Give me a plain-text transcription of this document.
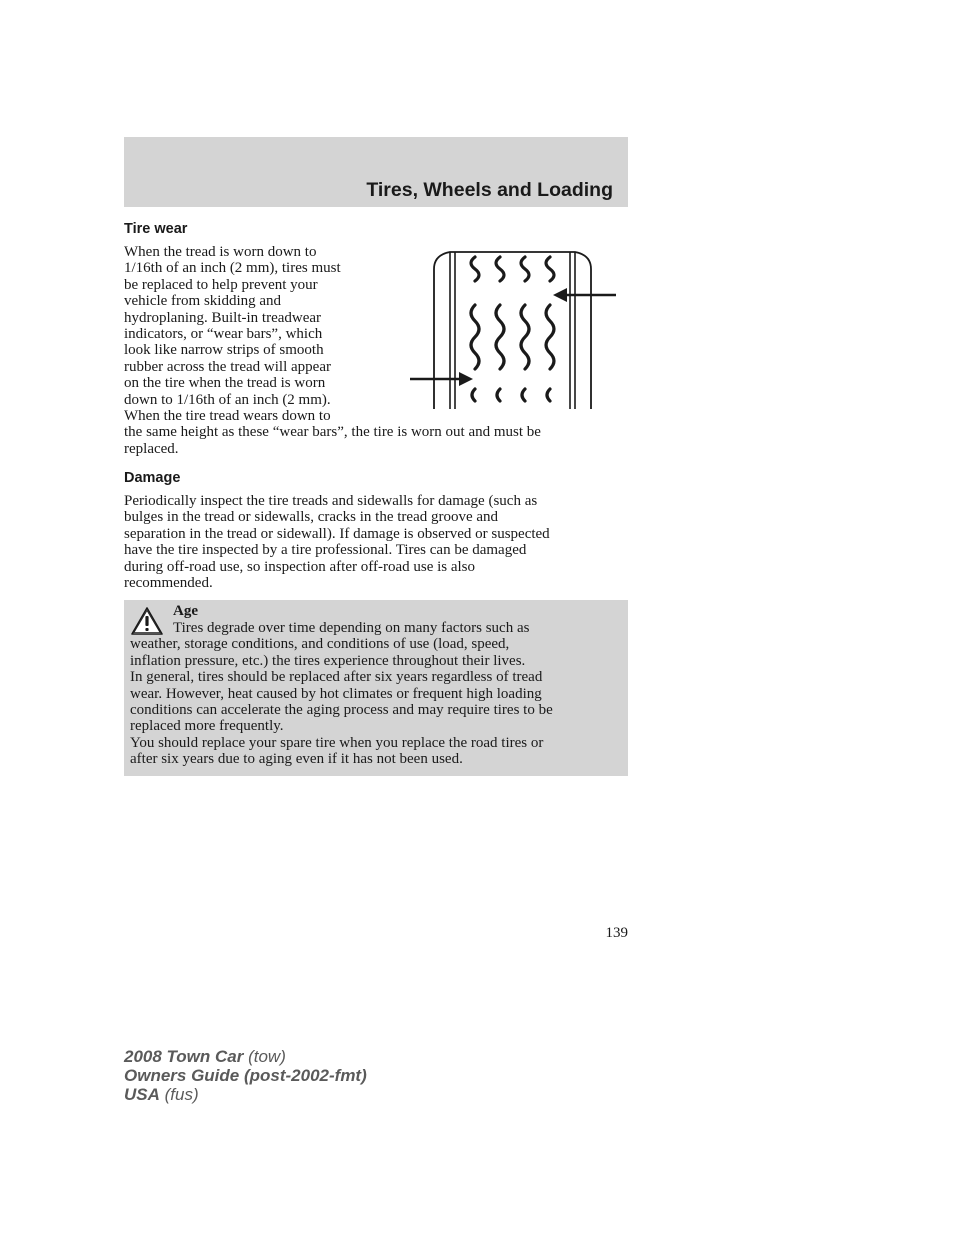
Tires, Wheels and Loading
Tire wear

When the tread is worn down to
1/16th of an inch (2 mm), tires must
be replaced to help prevent your
vehicle from skidding and
hydroplaning. Built-in treadwear
indicators, or “wear bars”, which
look like narrow strips of smooth
rubber across the tread will appear
on the tire when the tread is worn
down to 1/16th of an inch (2 mm).
When the tire tread wears down to
the same height as these “wear bars”, the tire is worn out and must be
replaced.

Damage

Periodically inspect the tire treads and sidewalls for damage (such as
bulges in the tread or sidewalls, cracks in the tread groove and
separation in the tread or sidewall). If damage is observed or suspected
have the tire inspected by a tire professional. Tires can be damaged
during off-road use, so inspection after off-road use is also
recommended.

Age

Tires degrade over time depending on many factors such as
weather, storage conditions, and conditions of use (load, speed,
inflation pressure, etc.) the tires experience throughout their lives.
In general, tires should be replaced after six years regardless of tread
wear. However, heat caused by hot climates or frequent high loading
conditions can accelerate the aging process and may require tires to be
replaced more frequently.
You should replace your spare tire when you replace the road tires or
after six years due to aging even if it has not been used.

139

2008 Town Car (tow)
Owners Guide (post-2002-fmt)
USA (fus)
